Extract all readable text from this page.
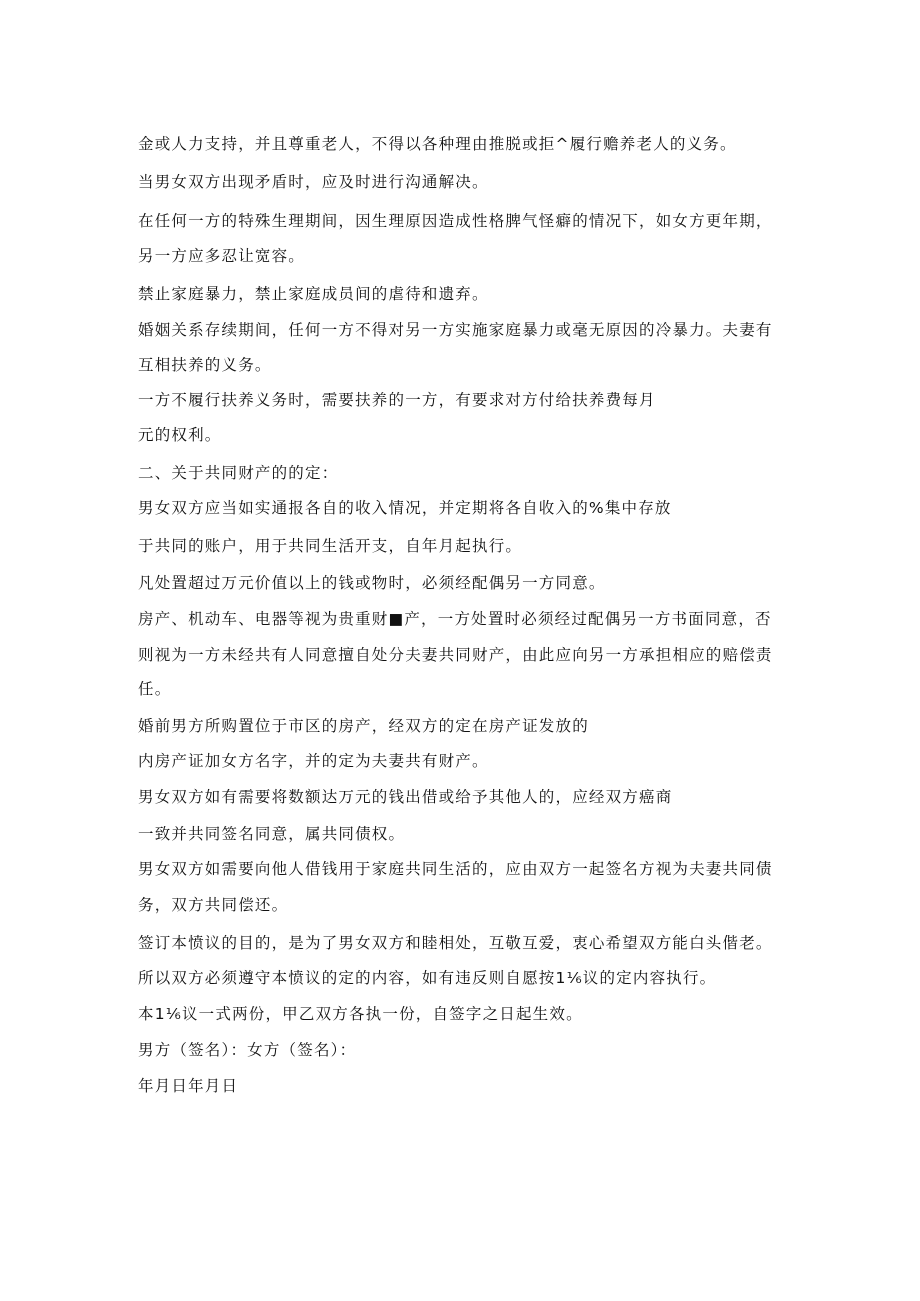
金或人力支持，并且尊重老人，不得以各种理由推脱或拒^履行赡养老人的义务。

当男女双方出现矛盾时，应及时进行沟通解决。

在任何一方的特殊生理期间，因生理原因造成性格脾气怪癖的情况下，如女方更年期，

另一方应多忍让宽容。

禁止家庭暴力，禁止家庭成员间的虐待和遗弃。

婚姻关系存续期间，任何一方不得对另一方实施家庭暴力或毫无原因的冷暴力。夫妻有

互相扶养的义务。

一方不履行扶养义务时，需要扶养的一方，有要求对方付给扶养费每月

元的权利。

二、关于共同财产的的定：

男女双方应当如实通报各自的收入情况，并定期将各自收入的%集中存放

于共同的账户，用于共同生活开支，自年月起执行。

凡处置超过万元价值以上的钱或物时，必须经配偶另一方同意。

房产、机动车、电器等视为贵重财■产，一方处置时必须经过配偶另一方书面同意，否

则视为一方未经共有人同意擅自处分夫妻共同财产，由此应向另一方承担相应的赔偿责

任。

婚前男方所购置位于市区的房产，经双方的定在房产证发放的

内房产证加女方名字，并的定为夫妻共有财产。

男女双方如有需要将数额达万元的钱出借或给予其他人的，应经双方癌商

一致并共同签名同意，属共同债权。

男女双方如需要向他人借钱用于家庭共同生活的，应由双方一起签名方视为夫妻共同债

务，双方共同偿还。

签订本愤议的目的，是为了男女双方和睦相处，互敬互爱，衷心希望双方能白头偕老。

所以双方必须遵守本愤议的定的内容，如有违反则自愿按1⅙议的定内容执行。

本1⅙议一式两份，甲乙双方各执一份，自签字之日起生效。

男方（签名）：女方（签名）：

年月日年月日
